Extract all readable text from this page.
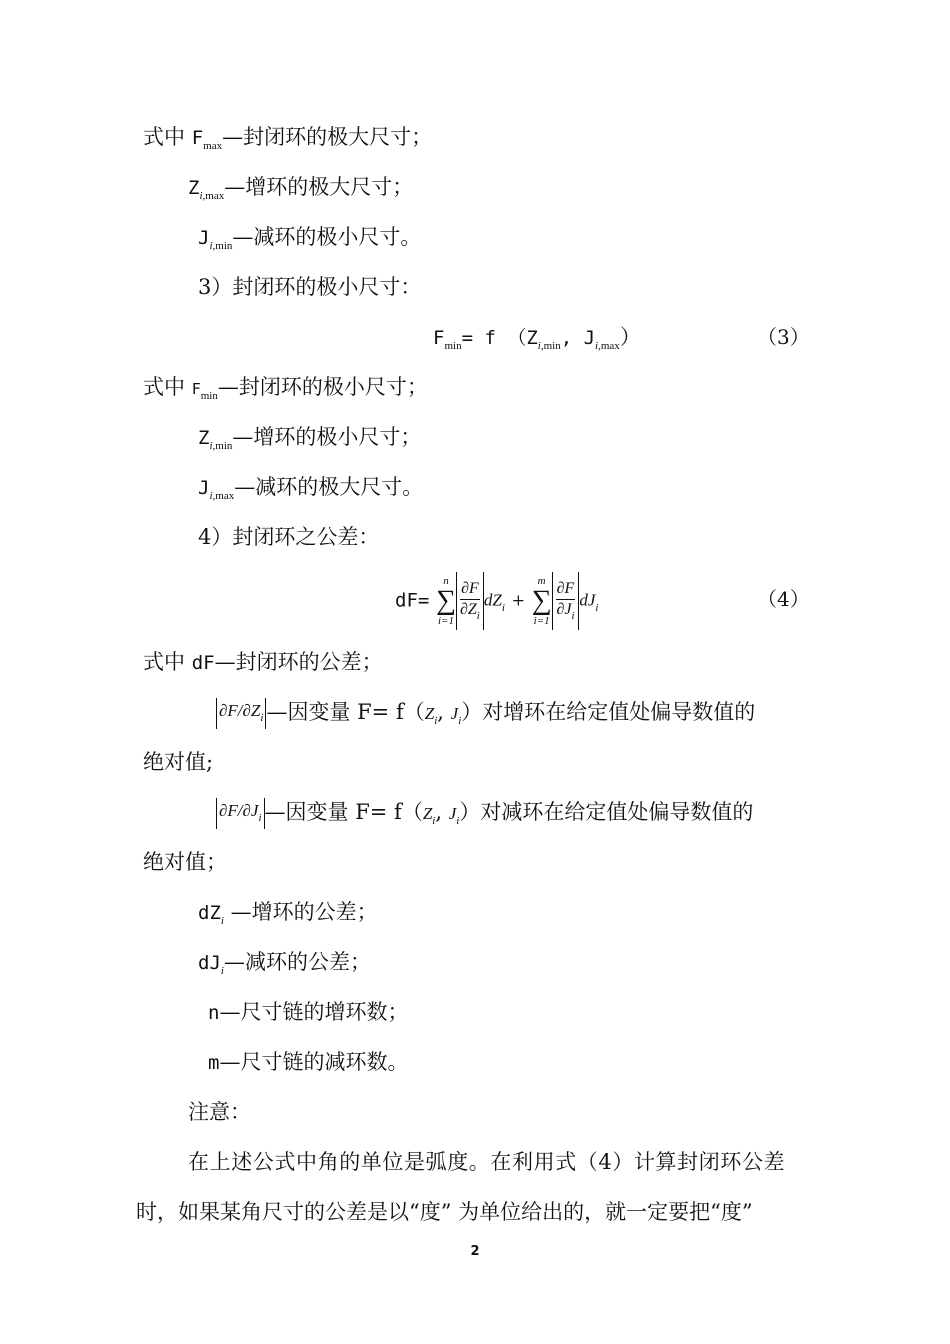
式中 $F_{max}—$封闭环的极大尺寸；
$Z_{i,max}—$增环的极大尺寸；
$J_{i,min}—$减环的极小尺寸。
3）封闭环的极小尺寸：
$F_{min}= f$ （$Z_{i,min}$, $J_{i,max}$）	（3）
式中 $F_{min}—$封闭环的极小尺寸；
$Z_{i,min}—$增环的极小尺寸；
$J_{i,max}—$减环的极大尺寸。
4）封闭环之公差：
dF=
n
∑
$i=1 \frac{\partial F}{\partial Z_i} dZ_i$ +
m
∑
$i=1 \frac{\partial F}{\partial J_i} dJ_i$	（4）
式中 dF—封闭环的公差；
$\partial F/\partial Z_i$ —因变量 $F= f(Z_i$, $J_i$）对增环在给定值处偏导数值的
绝对值;
$\partial F/\partial J_i$ —因变量 $F= f(Z_i$, $J_i$）对减环在给定值处偏导数值的
绝对值；
$dZ_i$ —增环的公差；
$dJ_i—$减环的公差；
n—尺寸链的增环数；
m—尺寸链的减环数。
注意：
在上述公式中角的单位是弧度。在利用式（4）计算封闭环公差
时，如果某角尺寸的公差是以“度” 为单位给出的，就一定要把“度”
2
